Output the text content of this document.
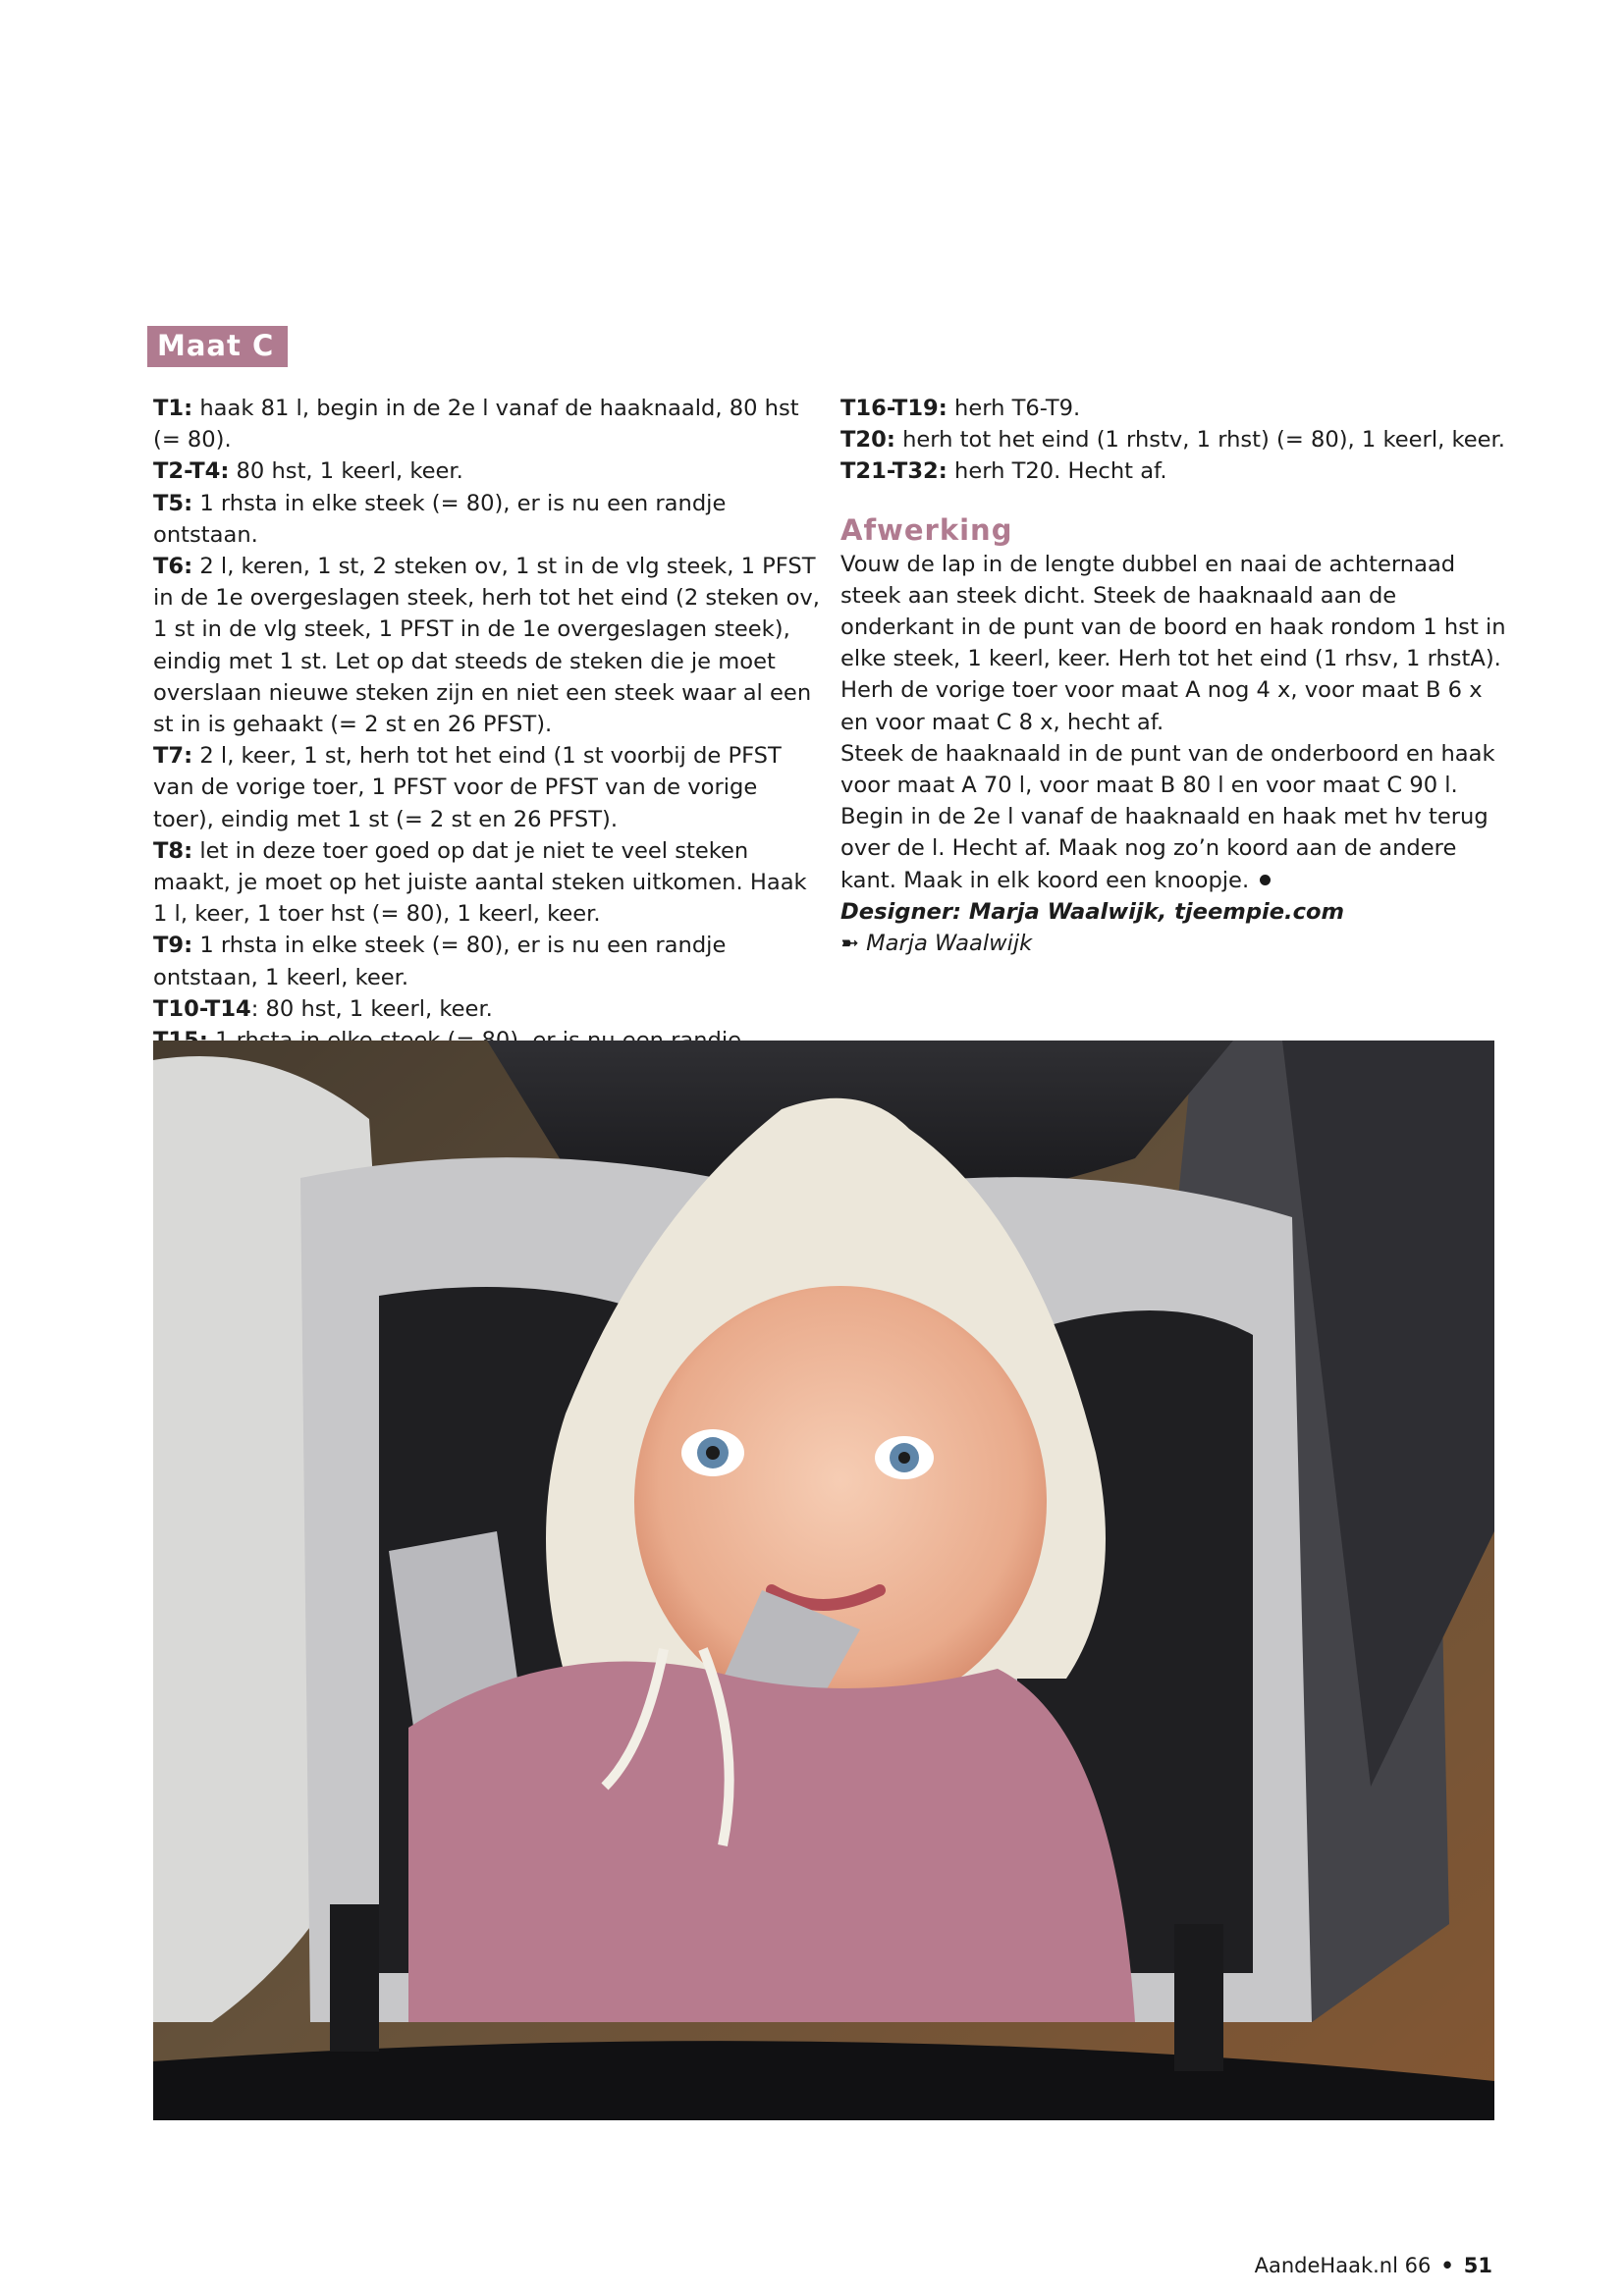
Maat C

T1: haak 81 l, begin in de 2e l vanaf de haaknaald, 80 hst (= 80).

T2-T4: 80 hst, 1 keerl, keer.

T5: 1 rhsta in elke steek (= 80), er is nu een randje ontstaan.

T6: 2 l, keren, 1 st, 2 steken ov, 1 st in de vlg steek, 1 PFST in de 1e overgeslagen steek, herh tot het eind (2 steken ov, 1 st in de vlg steek, 1 PFST in de 1e overgeslagen steek), eindig met 1 st. Let op dat steeds de steken die je moet overslaan nieuwe steken zijn en niet een steek waar al een st in is gehaakt (= 2 st en 26 PFST).

T7: 2 l, keer, 1 st, herh tot het eind (1 st voorbij de PFST van de vorige toer, 1 PFST voor de PFST van de vorige toer), eindig met 1 st (= 2 st en 26 PFST).

T8: let in deze toer goed op dat je niet te veel steken maakt, je moet op het juiste aantal steken uitkomen. Haak 1 l, keer, 1 toer hst (= 80), 1 keerl, keer.

T9: 1 rhsta in elke steek (= 80), er is nu een randje ontstaan, 1 keerl, keer.

T10-T14: 80 hst, 1 keerl, keer.

T16-T19: herh T6-T9.

T20: herh tot het eind (1 rhstv, 1 rhst) (= 80), 1 keerl, keer.

T21-T32: herh T20. Hecht af.

Afwerking

Vouw de lap in de lengte dubbel en naai de achternaad steek aan steek dicht. Steek de haaknaald aan de onderkant in de punt van de boord en haak rondom 1 hst in elke steek, 1 keerl, keer. Herh tot het eind (1 rhsv, 1 rhstA). Herh de vorige toer voor maat A nog 4 x, voor maat B 6 x en voor maat C 8 x, hecht af.

Steek de haaknaald in de punt van de onderboord en haak voor maat A 70 l, voor maat B 80 l en voor maat C 90 l. Begin in de 2e l vanaf de haaknaald en haak met hv terug over de l. Hecht af. Maak nog zo’n koord aan de andere kant. Maak in elk koord een knoopje.

Designer: Marja Waalwijk, tjeempie.com

➼ Marja Waalwijk

AandeHaak.nl 66 • 51
